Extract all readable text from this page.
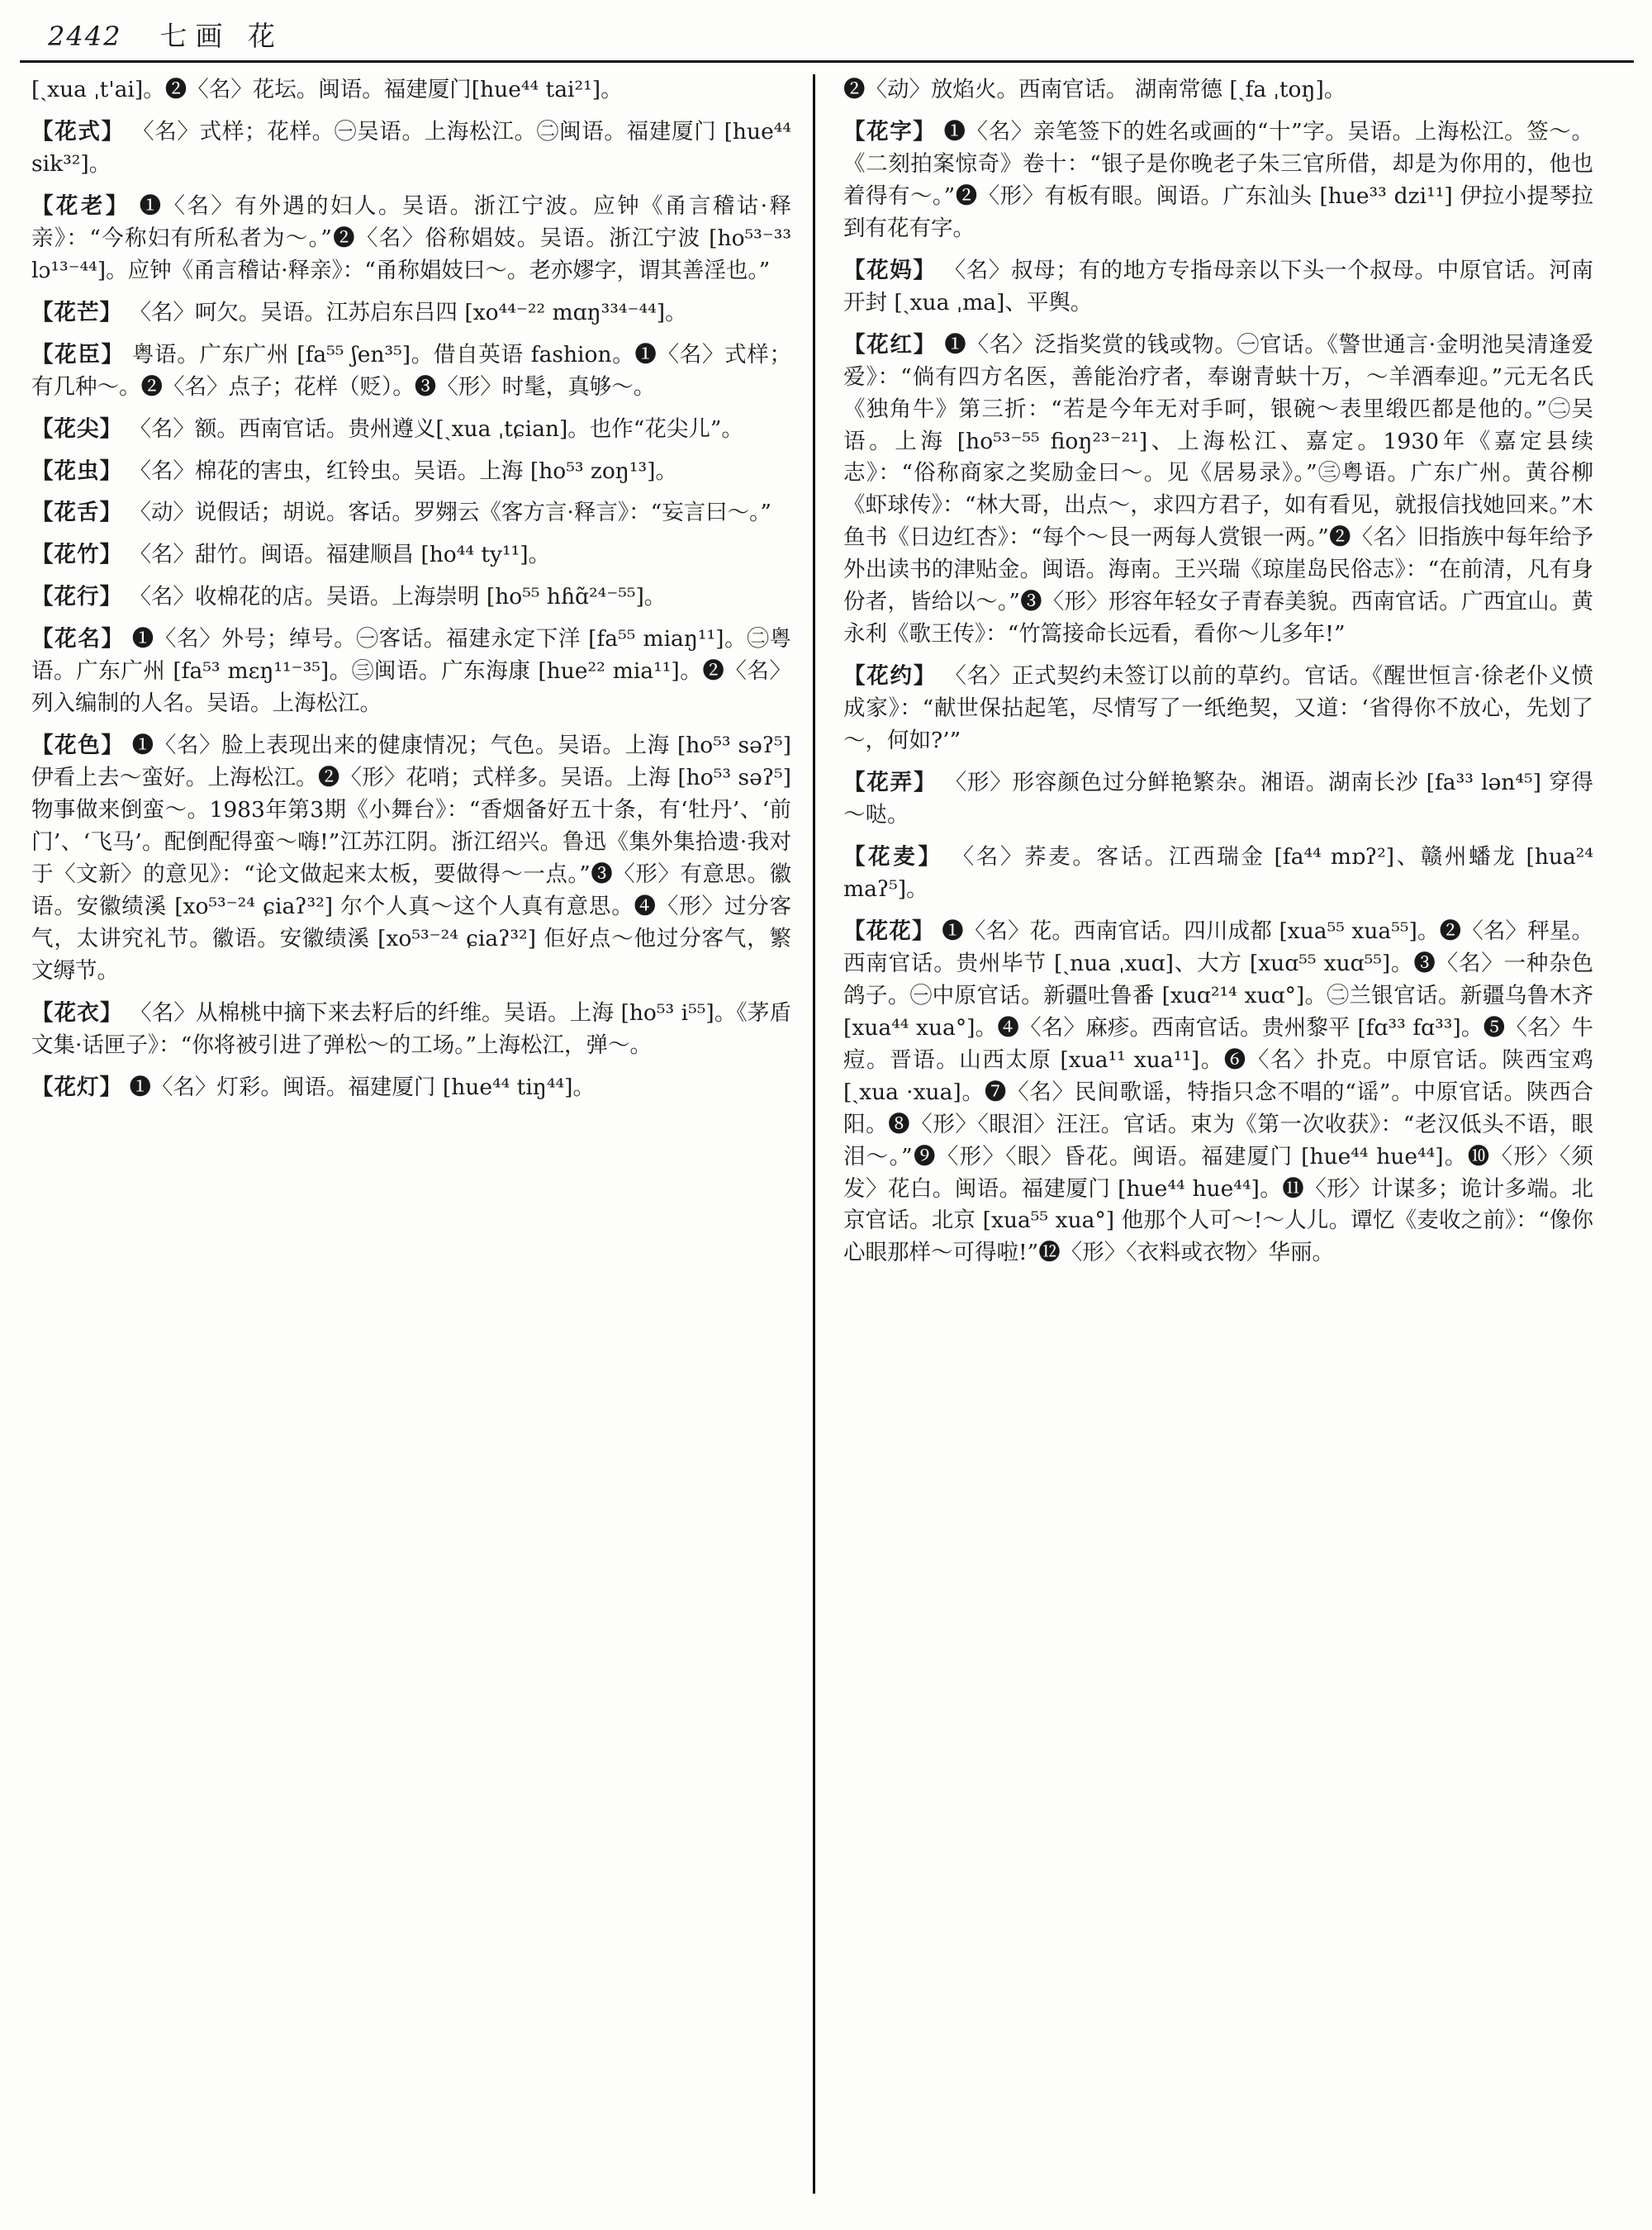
2442 七画 花
[ˏxua ˌt'ai]。❷〈名〉花坛。闽语。福建厦门[hue⁴⁴ tai²¹]。
【花式】 〈名〉式样；花样。㊀吴语。上海松江。㊁闽语。福建厦门 [hue⁴⁴ sik³²]。
【花老】 ❶〈名〉有外遇的妇人。吴语。浙江宁波。应钟《甬言稽诂·释亲》：“今称妇有所私者为～。”❷〈名〉俗称娼妓。吴语。浙江宁波 [ho⁵³⁻³³ lɔ¹³⁻⁴⁴]。应钟《甬言稽诂·释亲》：“甬称娼妓曰～。老亦嫪字，谓其善淫也。”
【花芒】 〈名〉呵欠。吴语。江苏启东吕四 [xo⁴⁴⁻²² mɑŋ³³⁴⁻⁴⁴]。
【花臣】 粤语。广东广州 [fa⁵⁵ ʃen³⁵]。借自英语 fashion。❶〈名〉式样；有几种～。❷〈名〉点子；花样（贬）。❸〈形〉时髦，真够～。
【花尖】 〈名〉额。西南官话。贵州遵义[ˏxua ˌtɕian]。也作“花尖儿”。
【花虫】 〈名〉棉花的害虫，红铃虫。吴语。上海 [ho⁵³ zoŋ¹³]。
【花舌】 〈动〉说假话；胡说。客话。罗翙云《客方言·释言》：“妄言曰～。”
【花竹】 〈名〉甜竹。闽语。福建顺昌 [ho⁴⁴ ty¹¹]。
【花行】 〈名〉收棉花的店。吴语。上海崇明 [ho⁵⁵ hɦɑ̃²⁴⁻⁵⁵]。
【花名】 ❶〈名〉外号；绰号。㊀客话。福建永定下洋 [fa⁵⁵ miaŋ¹¹]。㊁粤语。广东广州 [fa⁵³ mɛŋ¹¹⁻³⁵]。㊂闽语。广东海康 [hue²² mia¹¹]。❷〈名〉列入编制的人名。吴语。上海松江。
【花色】 ❶〈名〉脸上表现出来的健康情况；气色。吴语。上海 [ho⁵³ səʔ⁵] 伊看上去～蛮好。上海松江。❷〈形〉花哨；式样多。吴语。上海 [ho⁵³ səʔ⁵] 物事做来倒蛮～。1983年第3期《小舞台》：“香烟备好五十条，有‘牡丹’、‘前门’、‘飞马’。配倒配得蛮～嗨!”江苏江阴。浙江绍兴。鲁迅《集外集拾遗·我对于〈文新〉的意见》：“论文做起来太板，要做得～一点。”❸〈形〉有意思。徽语。安徽绩溪 [xo⁵³⁻²⁴ ɕiaʔ³²] 尔个人真～这个人真有意思。❹〈形〉过分客气，太讲究礼节。徽语。安徽绩溪 [xo⁵³⁻²⁴ ɕiaʔ³²] 佢好点～他过分客气，繁文缛节。
【花衣】 〈名〉从棉桃中摘下来去籽后的纤维。吴语。上海 [ho⁵³ i⁵⁵]。《茅盾文集·话匣子》：“你将被引进了弹松～的工场。”上海松江，弹～。
【花灯】 ❶〈名〉灯彩。闽语。福建厦门 [hue⁴⁴ tiŋ⁴⁴]。
❷〈动〉放焰火。西南官话。 湖南常德 [ˏfa ˌtoŋ]。
【花字】 ❶〈名〉亲笔签下的姓名或画的“十”字。吴语。上海松江。签～。《二刻拍案惊奇》卷十：“银子是你晚老子朱三官所借，却是为你用的，他也着得有～。”❷〈形〉有板有眼。闽语。广东汕头 [hue³³ dzi¹¹] 伊拉小提琴拉到有花有字。
【花妈】 〈名〉叔母；有的地方专指母亲以下头一个叔母。中原官话。河南开封 [ˏxua ˌma]、平舆。
【花红】 ❶〈名〉泛指奖赏的钱或物。㊀官话。《警世通言·金明池吴清逢爱爱》：“倘有四方名医，善能治疗者，奉谢青蚨十万，～羊酒奉迎。”元无名氏《独角牛》第三折：“若是今年无对手呵，银碗～表里缎匹都是他的。”㊁吴语。上海 [ho⁵³⁻⁵⁵ fioŋ²³⁻²¹]、上海松江、嘉定。1930年《嘉定县续志》：“俗称商家之奖励金曰～。见《居易录》。”㊂粤语。广东广州。黄谷柳《虾球传》：“林大哥，出点～，求四方君子，如有看见，就报信找她回来。”木鱼书《日边红杏》：“每个～艮一两每人赏银一两。”❷〈名〉旧指族中每年给予外出读书的津贴金。闽语。海南。王兴瑞《琼崖岛民俗志》：“在前清，凡有身份者，皆给以～。”❸〈形〉形容年轻女子青春美貌。西南官话。广西宜山。黄永利《歌王传》：“竹篙接命长远看，看你～儿多年!”
【花约】 〈名〉正式契约未签订以前的草约。官话。《醒世恒言·徐老仆义愤成家》：“献世保拈起笔，尽情写了一纸绝契，又道：‘省得你不放心，先划了～，何如?’”
【花弄】 〈形〉形容颜色过分鲜艳繁杂。湘语。湖南长沙 [fa³³ lən⁴⁵] 穿得～哒。
【花麦】 〈名〉荞麦。客话。江西瑞金 [fa⁴⁴ mɒʔ²]、赣州蟠龙 [hua²⁴ maʔ⁵]。
【花花】 ❶〈名〉花。西南官话。四川成都 [xua⁵⁵ xua⁵⁵]。❷〈名〉秤星。西南官话。贵州毕节 [ˏnua ˌxuɑ]、大方 [xuɑ⁵⁵ xuɑ⁵⁵]。❸〈名〉一种杂色鸽子。㊀中原官话。新疆吐鲁番 [xuɑ²¹⁴ xuɑ°]。㊁兰银官话。新疆乌鲁木齐 [xua⁴⁴ xua°]。❹〈名〉麻疹。西南官话。贵州黎平 [fɑ³³ fɑ³³]。❺〈名〉牛痘。晋语。山西太原 [xua¹¹ xua¹¹]。❻〈名〉扑克。中原官话。陕西宝鸡 [ˏxua ·xua]。❼〈名〉民间歌谣，特指只念不唱的“谣”。中原官话。陕西合阳。❽〈形〉〈眼泪〉汪汪。官话。束为《第一次收获》：“老汉低头不语，眼泪～。”❾〈形〉〈眼〉昏花。闽语。福建厦门 [hue⁴⁴ hue⁴⁴]。❿〈形〉〈须发〉花白。闽语。福建厦门 [hue⁴⁴ hue⁴⁴]。⓫〈形〉计谋多；诡计多端。北京官话。北京 [xua⁵⁵ xua°] 他那个人可～!～人儿。谭忆《麦收之前》：“像你心眼那样～可得啦!”⓬〈形〉〈衣料或衣物〉华丽。
